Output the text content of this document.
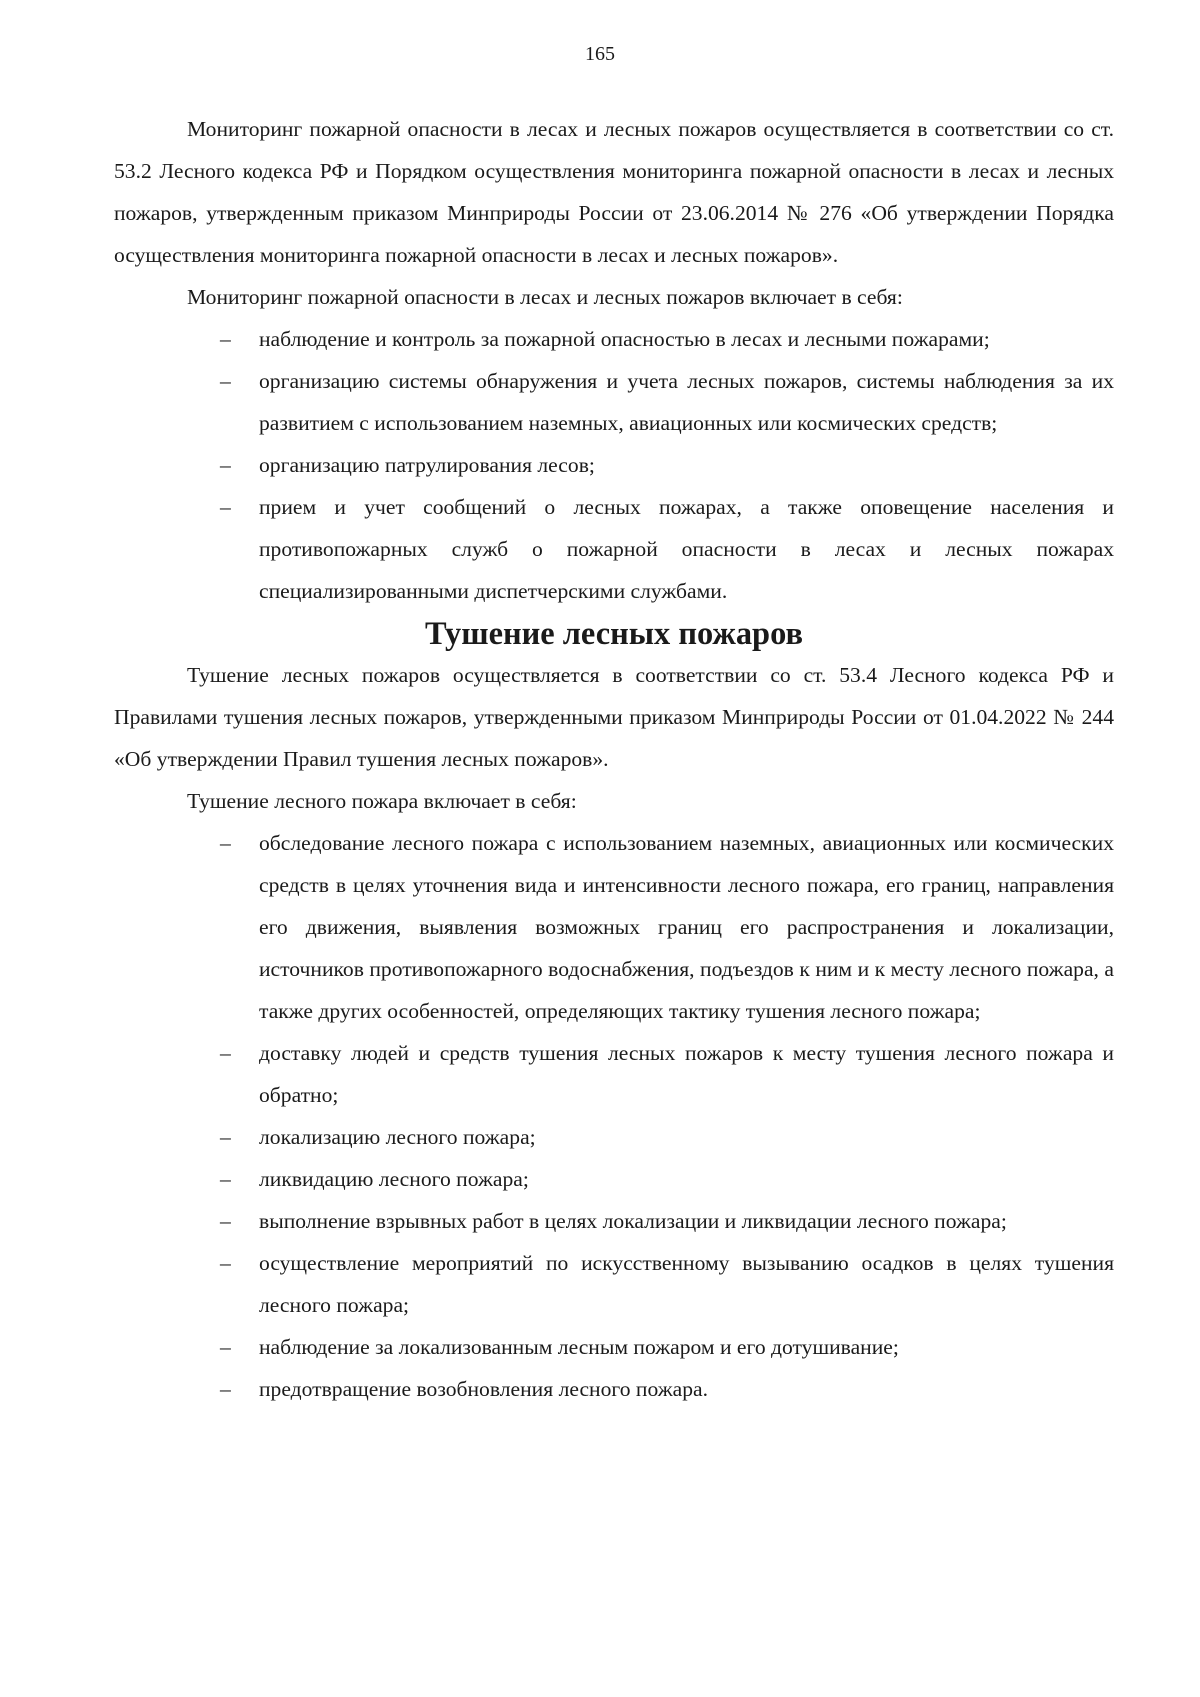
165

Мониторинг пожарной опасности в лесах и лесных пожаров осуществляется в соответствии со ст. 53.2 Лесного кодекса РФ и Порядком осуществления мониторинга пожарной опасности в лесах и лесных пожаров, утвержденным приказом Минприроды России от 23.06.2014 № 276 «Об утверждении Порядка осуществления мониторинга пожарной опасности в лесах и лесных пожаров».

Мониторинг пожарной опасности в лесах и лесных пожаров включает в себя:

– наблюдение и контроль за пожарной опасностью в лесах и лесными пожарами;
– организацию системы обнаружения и учета лесных пожаров, системы наблюдения за их развитием с использованием наземных, авиационных или космических средств;
– организацию патрулирования лесов;
– прием и учет сообщений о лесных пожарах, а также оповещение населения и противопожарных служб о пожарной опасности в лесах и лесных пожарах специализированными диспетчерскими службами.
Тушение лесных пожаров

Тушение лесных пожаров осуществляется в соответствии со ст. 53.4 Лесного кодекса РФ и Правилами тушения лесных пожаров, утвержденными приказом Минприроды России от 01.04.2022 № 244 «Об утверждении Правил тушения лесных пожаров».

Тушение лесного пожара включает в себя:

– обследование лесного пожара с использованием наземных, авиационных или космических средств в целях уточнения вида и интенсивности лесного пожара, его границ, направления его движения, выявления возможных границ его распространения и локализации, источников противопожарного водоснабжения, подъездов к ним и к месту лесного пожара, а также других особенностей, определяющих тактику тушения лесного пожара;
– доставку людей и средств тушения лесных пожаров к месту тушения лесного пожара и обратно;
– локализацию лесного пожара;
– ликвидацию лесного пожара;
– выполнение взрывных работ в целях локализации и ликвидации лесного пожара;
– осуществление мероприятий по искусственному вызыванию осадков в целях тушения лесного пожара;
– наблюдение за локализованным лесным пожаром и его дотушивание;
– предотвращение возобновления лесного пожара.
